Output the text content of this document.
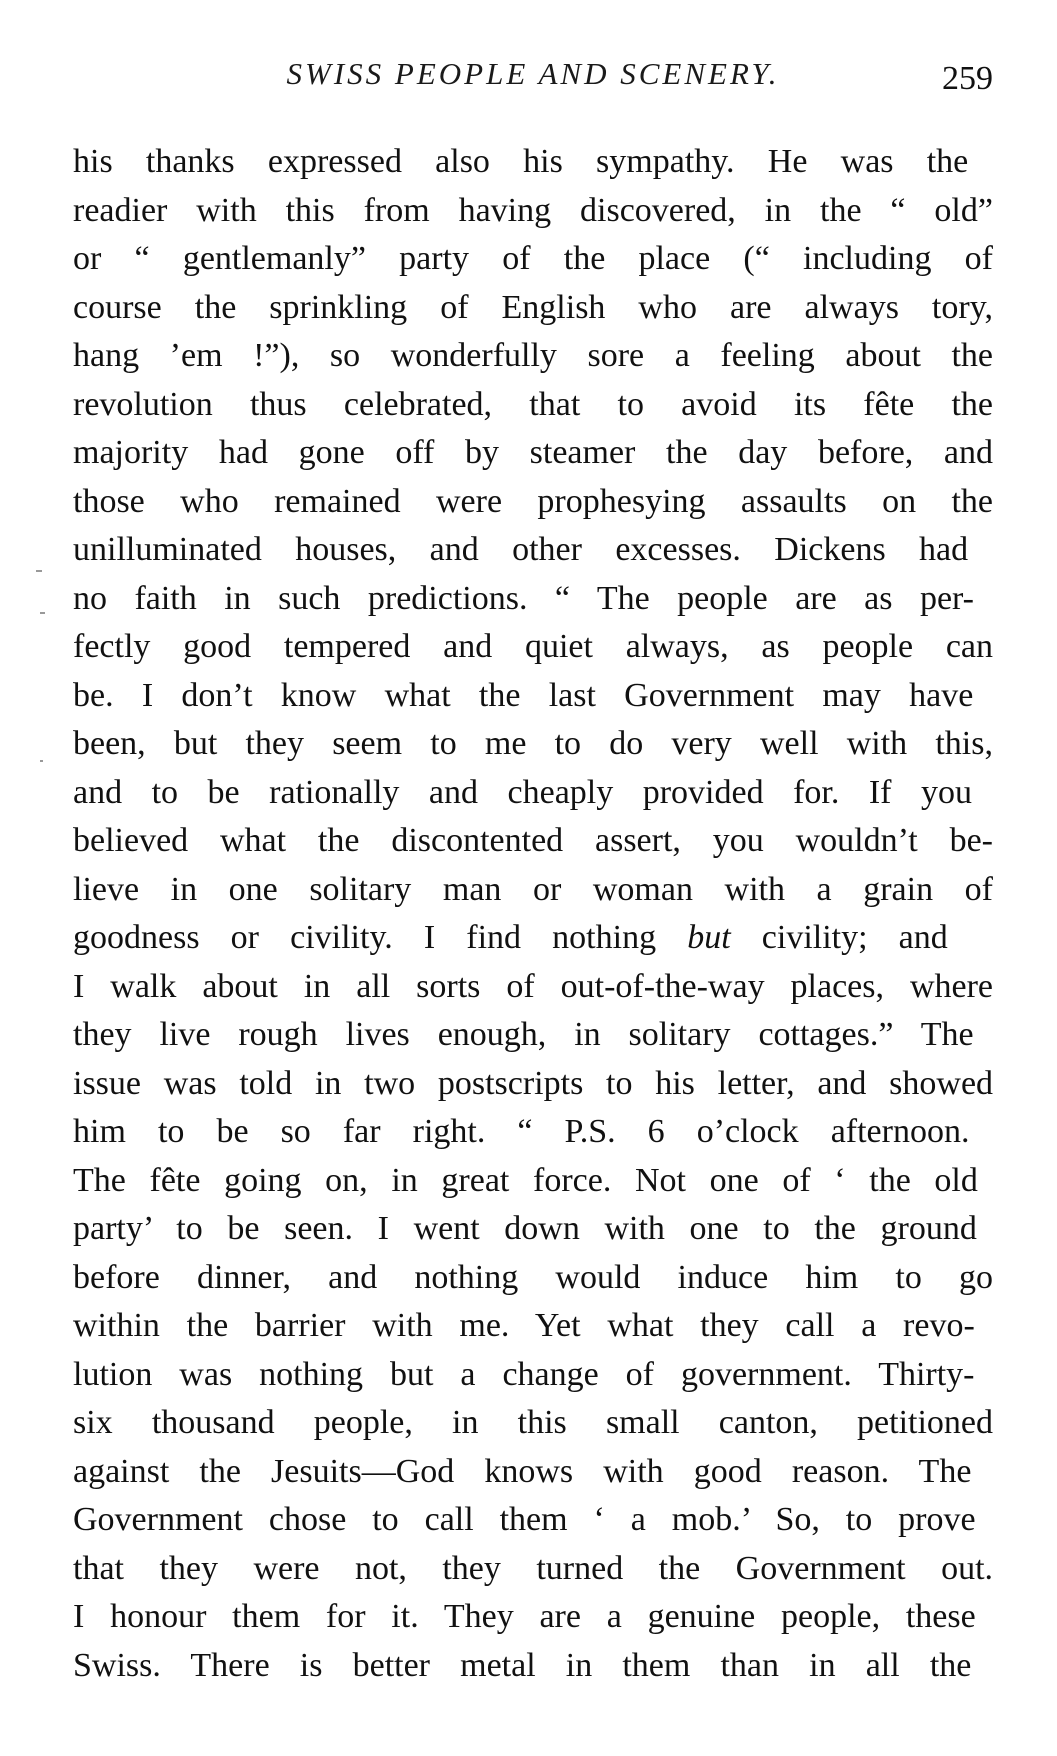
SWISS PEOPLE AND SCENERY.	259
his thanks expressed also his sympathy. He was the
readier with this from having discovered, in the “ old”
or “ gentlemanly” party of the place (“ including of
course the sprinkling of English who are always tory,
hang ’em !”), so wonderfully sore a feeling about the
revolution thus celebrated, that to avoid its fête the
majority had gone off by steamer the day before, and
those who remained were prophesying assaults on the
unilluminated houses, and other excesses. Dickens had
no faith in such predictions. “ The people are as per-
fectly good tempered and quiet always, as people can
be. I don’t know what the last Government may have
been, but they seem to me to do very well with this,
and to be rationally and cheaply provided for. If you
believed what the discontented assert, you wouldn’t be-
lieve in one solitary man or woman with a grain of
goodness or civility. I find nothing but civility; and
I walk about in all sorts of out-of-the-way places, where
they live rough lives enough, in solitary cottages.” The
issue was told in two postscripts to his letter, and showed
him to be so far right. “ P.S. 6 o’clock afternoon.
The fête going on, in great force. Not one of ‘ the old
party’ to be seen. I went down with one to the ground
before dinner, and nothing would induce him to go
within the barrier with me. Yet what they call a revo-
lution was nothing but a change of government. Thirty-
six thousand people, in this small canton, petitioned
against the Jesuits—God knows with good reason. The
Government chose to call them ‘ a mob.’ So, to prove
that they were not, they turned the Government out.
I honour them for it. They are a genuine people, these
Swiss. There is better metal in them than in all the
